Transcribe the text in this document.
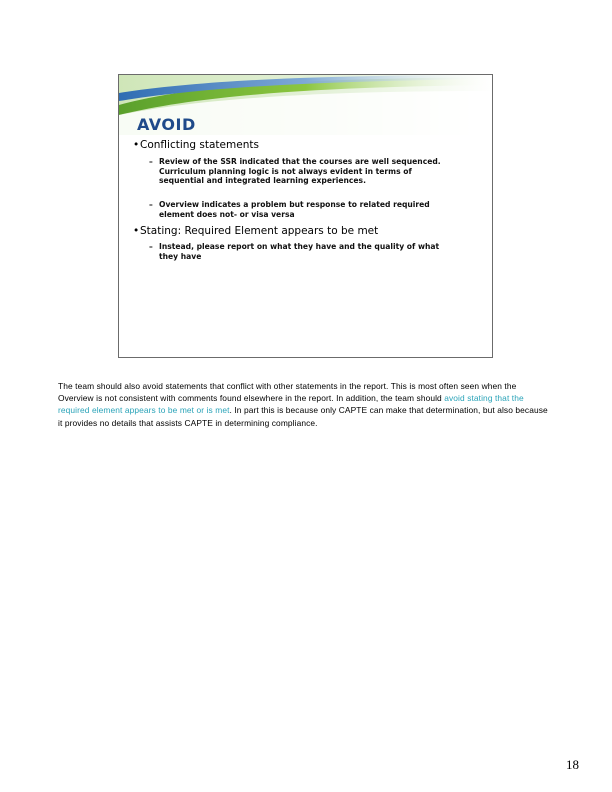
AVOID
•Conflicting statements
– Review of the SSR indicated that the courses are well sequenced. Curriculum planning logic is not always evident in terms of sequential and integrated learning experiences.
– Overview indicates a problem but response to related required element does not- or visa versa
•Stating: Required Element appears to be met
– Instead, please report on what they have and the quality of what they have
The team should also avoid statements that conflict with other statements in the report. This is most often seen when the Overview is not consistent with comments found elsewhere in the report. In addition, the team should avoid stating that the required element appears to be met or is met. In part this is because only CAPTE can make that determination, but also because it provides no details that assists CAPTE in determining compliance.
18
